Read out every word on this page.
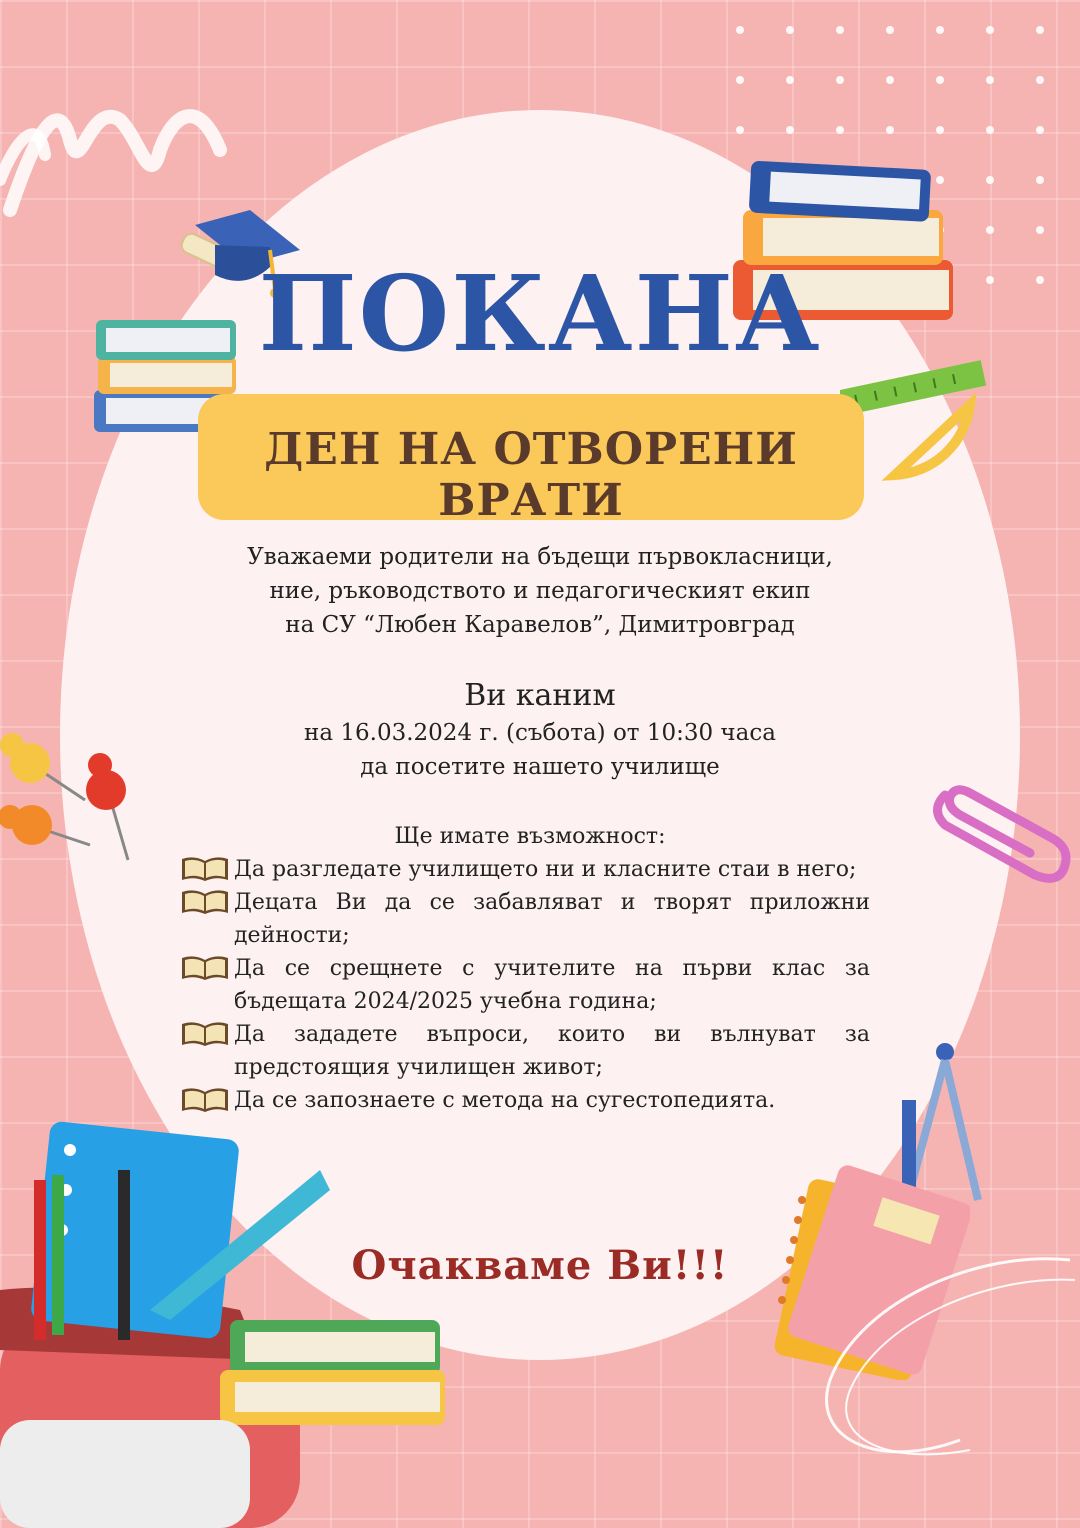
ПОКАНА
ДЕН НА ОТВОРЕНИ ВРАТИ
Уважаеми родители на бъдещи първокласници,
ние, ръководството и педагогическият екип
на СУ “Любен Каравелов”, Димитровград
Ви каним
на 16.03.2024 г. (събота) от 10:30 часа
да посетите нашето училище
Ще имате възможност:
Да разгледате училището ни и класните стаи в него;
Децата Ви да се забавляват и творят приложни дейности;
Да се срещнете с учителите на първи клас за бъдещата 2024/2025 учебна година;
Да зададете въпроси, които ви вълнуват за предстоящия училищен живот;
Да се запознаете с метода на сугестопедията.
Очакваме Ви!!!
